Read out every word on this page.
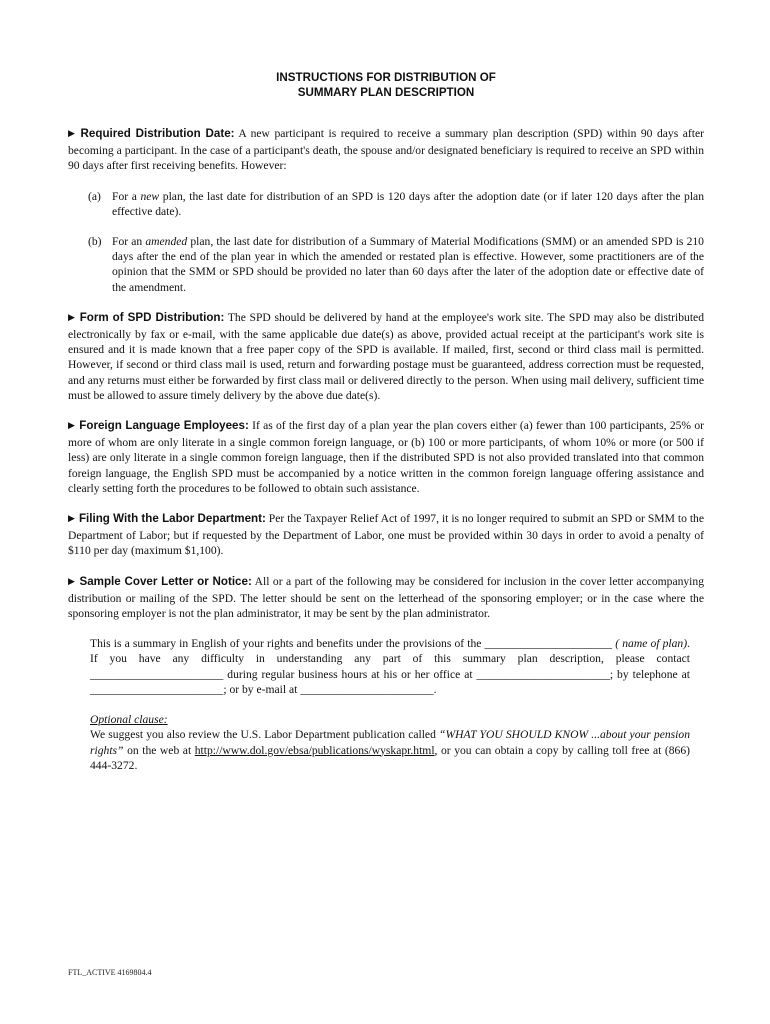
INSTRUCTIONS FOR DISTRIBUTION OF
SUMMARY PLAN DESCRIPTION
▶ Required Distribution Date: A new participant is required to receive a summary plan description (SPD) within 90 days after becoming a participant. In the case of a participant's death, the spouse and/or designated beneficiary is required to receive an SPD within 90 days after first receiving benefits. However:
(a) For a new plan, the last date for distribution of an SPD is 120 days after the adoption date (or if later 120 days after the plan effective date).
(b) For an amended plan, the last date for distribution of a Summary of Material Modifications (SMM) or an amended SPD is 210 days after the end of the plan year in which the amended or restated plan is effective. However, some practitioners are of the opinion that the SMM or SPD should be provided no later than 60 days after the later of the adoption date or effective date of the amendment.
▶ Form of SPD Distribution: The SPD should be delivered by hand at the employee's work site. The SPD may also be distributed electronically by fax or e-mail, with the same applicable due date(s) as above, provided actual receipt at the participant's work site is ensured and it is made known that a free paper copy of the SPD is available. If mailed, first, second or third class mail is permitted. However, if second or third class mail is used, return and forwarding postage must be guaranteed, address correction must be requested, and any returns must either be forwarded by first class mail or delivered directly to the person. When using mail delivery, sufficient time must be allowed to assure timely delivery by the above due date(s).
▶ Foreign Language Employees: If as of the first day of a plan year the plan covers either (a) fewer than 100 participants, 25% or more of whom are only literate in a single common foreign language, or (b) 100 or more participants, of whom 10% or more (or 500 if less) are only literate in a single common foreign language, then if the distributed SPD is not also provided translated into that common foreign language, the English SPD must be accompanied by a notice written in the common foreign language offering assistance and clearly setting forth the procedures to be followed to obtain such assistance.
▶ Filing With the Labor Department: Per the Taxpayer Relief Act of 1997, it is no longer required to submit an SPD or SMM to the Department of Labor; but if requested by the Department of Labor, one must be provided within 30 days in order to avoid a penalty of $110 per day (maximum $1,100).
▶ Sample Cover Letter or Notice: All or a part of the following may be considered for inclusion in the cover letter accompanying distribution or mailing of the SPD. The letter should be sent on the letterhead of the sponsoring employer; or in the case where the sponsoring employer is not the plan administrator, it may be sent by the plan administrator.
This is a summary in English of your rights and benefits under the provisions of the ______________________ ( name of plan). If you have any difficulty in understanding any part of this summary plan description, please contact _______________________ during regular business hours at his or her office at _______________________; by telephone at _______________________; or by e-mail at _______________________.
Optional clause:
We suggest you also review the U.S. Labor Department publication called “WHAT YOU SHOULD KNOW ...about your pension rights” on the web at http://www.dol.gov/ebsa/publications/wyskapr.html, or you can obtain a copy by calling toll free at (866) 444-3272.
FTL_ACTIVE 4169804.4
